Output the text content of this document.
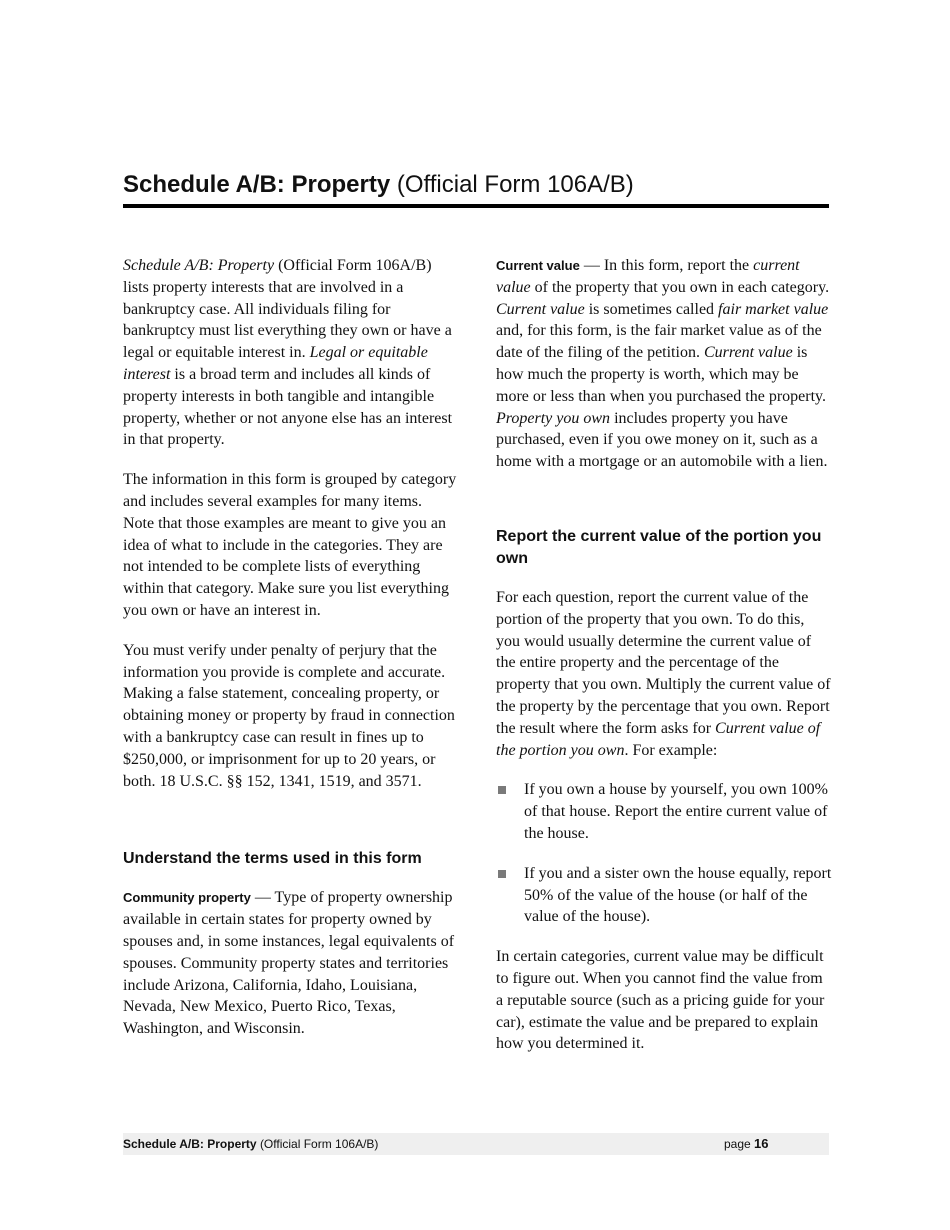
Schedule A/B: Property (Official Form 106A/B)

Schedule A/B: Property (Official Form 106A/B) lists property interests that are involved in a bankruptcy case. All individuals filing for bankruptcy must list everything they own or have a legal or equitable interest in. Legal or equitable interest is a broad term and includes all kinds of property interests in both tangible and intangible property, whether or not anyone else has an interest in that property.

The information in this form is grouped by category and includes several examples for many items. Note that those examples are meant to give you an idea of what to include in the categories. They are not intended to be complete lists of everything within that category. Make sure you list everything you own or have an interest in.

You must verify under penalty of perjury that the information you provide is complete and accurate. Making a false statement, concealing property, or obtaining money or property by fraud in connection with a bankruptcy case can result in fines up to $250,000, or imprisonment for up to 20 years, or both. 18 U.S.C. §§ 152, 1341, 1519, and 3571.

Understand the terms used in this form

Community property — Type of property ownership available in certain states for property owned by spouses and, in some instances, legal equivalents of spouses. Community property states and territories include Arizona, California, Idaho, Louisiana, Nevada, New Mexico, Puerto Rico, Texas, Washington, and Wisconsin.

Current value — In this form, report the current value of the property that you own in each category. Current value is sometimes called fair market value and, for this form, is the fair market value as of the date of the filing of the petition. Current value is how much the property is worth, which may be more or less than when you purchased the property. Property you own includes property you have purchased, even if you owe money on it, such as a home with a mortgage or an automobile with a lien.

Report the current value of the portion you own

For each question, report the current value of the portion of the property that you own. To do this, you would usually determine the current value of the entire property and the percentage of the property that you own. Multiply the current value of the property by the percentage that you own. Report the result where the form asks for Current value of the portion you own. For example:

If you own a house by yourself, you own 100% of that house. Report the entire current value of the house.
If you and a sister own the house equally, report 50% of the value of the house (or half of the value of the house).

In certain categories, current value may be difficult to figure out. When you cannot find the value from a reputable source (such as a pricing guide for your car), estimate the value and be prepared to explain how you determined it.

Schedule A/B: Property (Official Form 106A/B)	page 16
